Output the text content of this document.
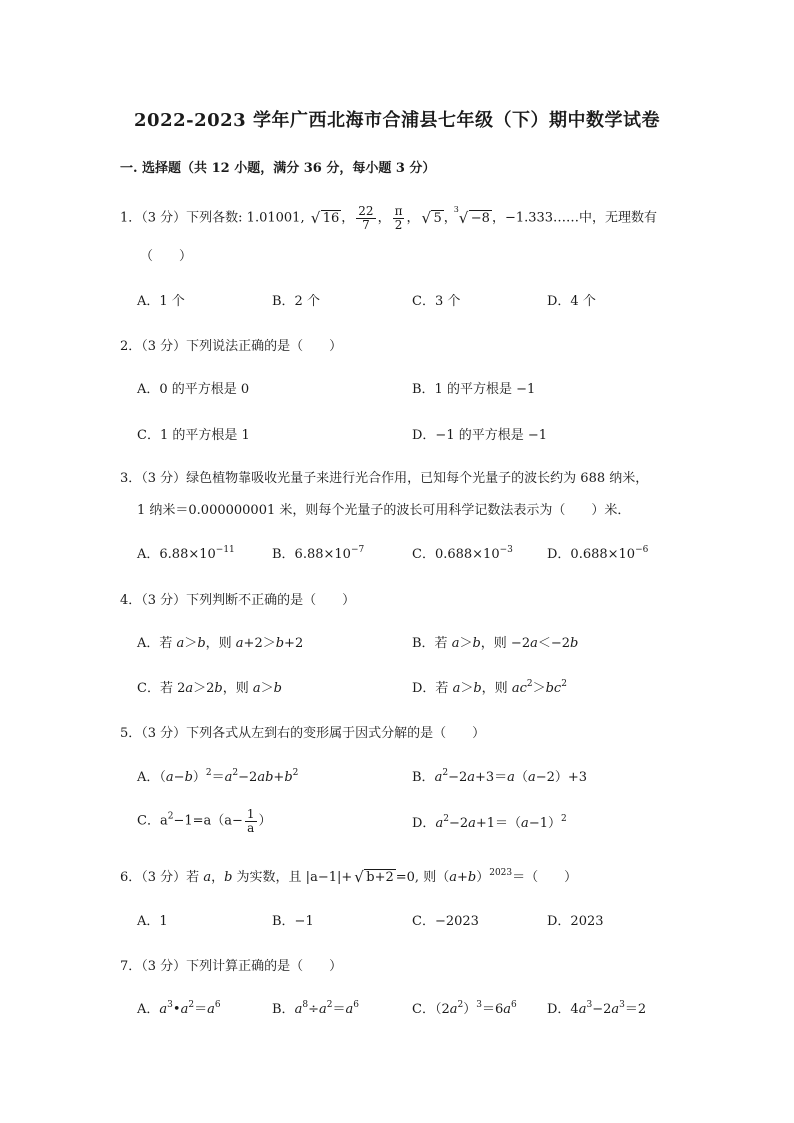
2022-2023 学年广西北海市合浦县七年级（下）期中数学试卷
一. 选择题（共 12 小题，满分 36 分，每小题 3 分）
1．（3 分）下列各数: 1.01001, √ 16 ， $\frac{22}{7}$ ， $\frac{\pi}{2}$ ， √ 5 ，
3 √ −8 ，−1.333……中，无理数有
（　　）
A．1 个	B．2 个	C．3 个	D．4 个
2．（3 分）下列说法正确的是（　　）
A．0 的平方根是 0	B．1 的平方根是 −1
C．1 的平方根是 1	D．−1 的平方根是 −1
3．（3 分）绿色植物靠吸收光量子来进行光合作用，已知每个光量子的波长约为 688 纳米，
1 纳米＝0.000000001 米，则每个光量子的波长可用科学记数法表示为（　　）米．
A．$6.88\times 10^{-11}$	B．$6.88\times 10^{-7}$	C．$0.688\times 10^{-3}$	D．$0.688\times 10^{-6}$
4．（3 分）下列判断不正确的是（　　）
A．若 a＞b，则 a+2＞b+2	B．若 a＞b，则 −2a＜−2b
C．若 2a＞2b，则 a＞b	D．若 a＞b，则 $ac^2>bc^2$
5．（3 分）下列各式从左到右的变形属于因式分解的是（　　）
A．$(a-b)^2=a^2-2ab+b^2$	B．$a^2-2a+3=a(a-2)+3$
C．$a^2-1=a(a- \frac{1}{a}$ ）	D．$a^2-2a+1=(a-1)^2$
6．（3 分）若 a，b 为实数，且 |a−1|+ √ b+2 =0, 则$(a+b)^{2023}=$（　　）
A．1	B．−1	C．−2023	D．2023
7．（3 分）下列计算正确的是（　　）
A．$a^3•a^2=a^6$	B．$a^8\div a^2=a^6$	C．$(2a^2)^3=6a^6$ D．$4a^3-2a^3=2$
